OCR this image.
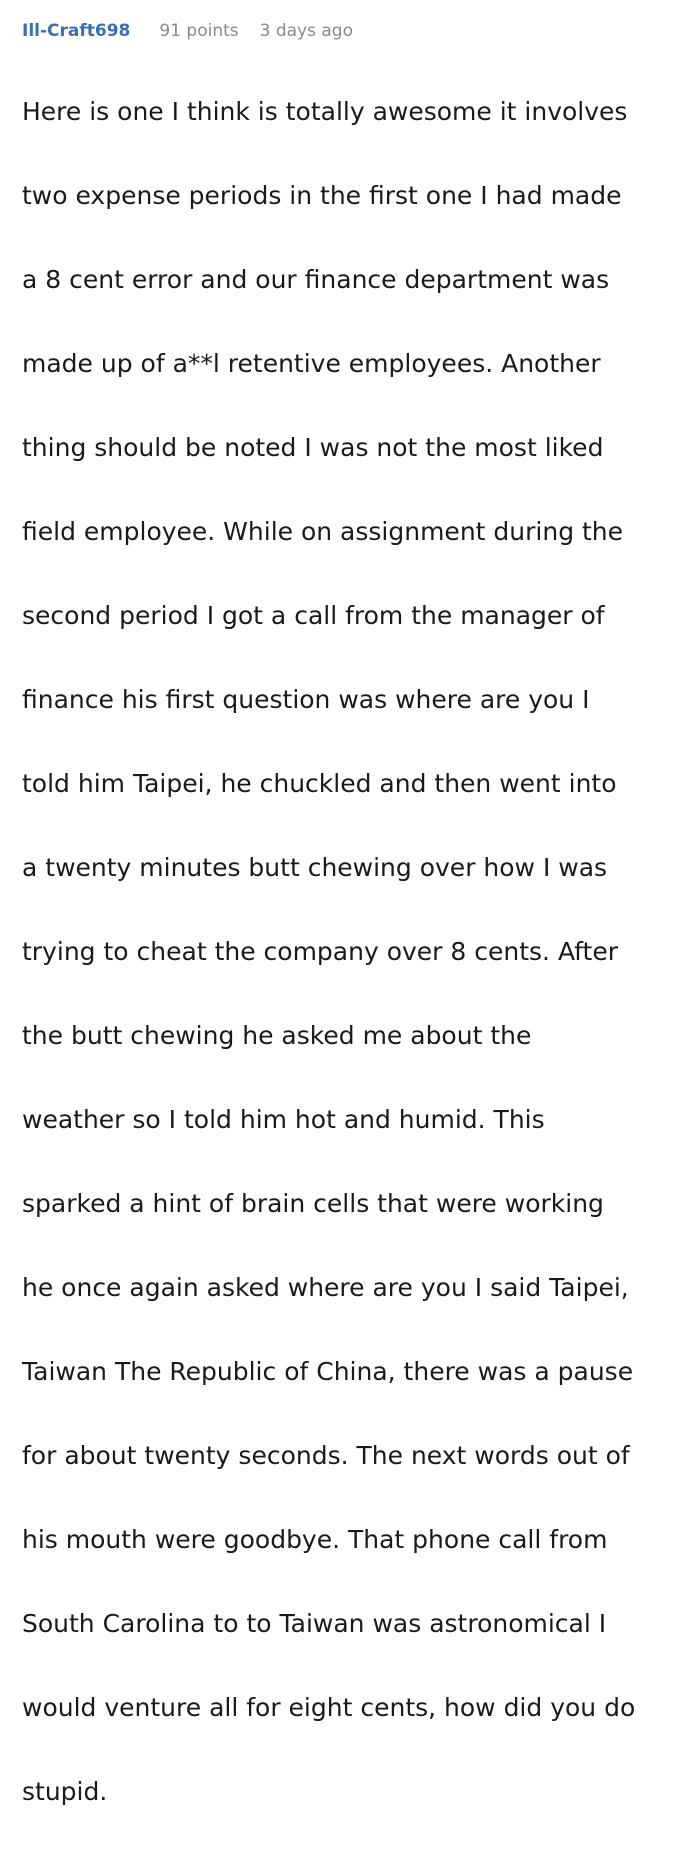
Ill-Craft698 91 points 3 days ago

Here is one I think is totally awesome it involves

two expense periods in the first one I had made

a 8 cent error and our finance department was

made up of a**l retentive employees. Another

thing should be noted I was not the most liked

field employee. While on assignment during the

second period I got a call from the manager of

finance his first question was where are you I

told him Taipei, he chuckled and then went into

a twenty minutes butt chewing over how I was

trying to cheat the company over 8 cents. After

the butt chewing he asked me about the

weather so I told him hot and humid. This

sparked a hint of brain cells that were working

he once again asked where are you I said Taipei,

Taiwan The Republic of China, there was a pause

for about twenty seconds. The next words out of

his mouth were goodbye. That phone call from

South Carolina to to Taiwan was astronomical I

would venture all for eight cents, how did you do

stupid.
